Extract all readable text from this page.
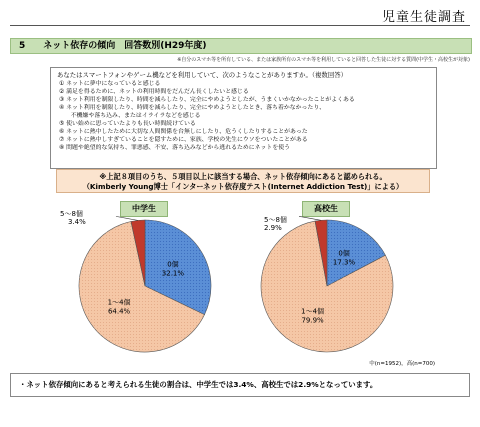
児童生徒調査
5　　ネット依存の傾向　回答数別(H29年度)
※自分のスマホ等を所有している、または家族所有のスマホ等を利用していると回答した生徒に対する質問(中学生・高校生が対象)
あなたはスマートフォンやゲーム機などを利用していて、次のようなことがありますか。（複数回答）
① ネットに夢中になっていると感じる
② 満足を得るために、ネットの利用時間をだんだん長くしたいと感じる
③ ネット利用を制限したり、時間を減らしたり、完全にやめようとしたが、うまくいかなかったことがよくある
④ ネット利用を制限したり、時間を減らしたり、完全にやめようとしたとき、落ち着かなかったり、
　　不機嫌や落ち込み、またはイライラなどを感じる
⑤ 使い始めに思っていたよりも長い時間続けている
⑥ ネットに熱中したために大切な人間関係を台無しにしたり、危うくしたりすることがあった
⑦ ネットに熱中しすぎていることを隠すために、家族、学校の先生にウソをついたことがある
⑧ 問題や絶望的な気持ち、罪悪感、不安、落ち込みなどから逃れるためにネットを使う
※上記８項目のうち、５項目以上に該当する場合、ネット依存傾向にあると認められる。
（Kimberly Young博士「インターネット依存度テスト(Internet Addiction Test)」による）
中学生
5～8個
3.4%
高校生
5～8個
2.9%
0個
32.1%
1～4個
64.4%
0個
17.3%
1～4個
79.9%
中(n=1952)，高(n=700)
・ネット依存傾向にあると考えられる生徒の割合は、中学生では3.4%、高校生では2.9%となっています。
